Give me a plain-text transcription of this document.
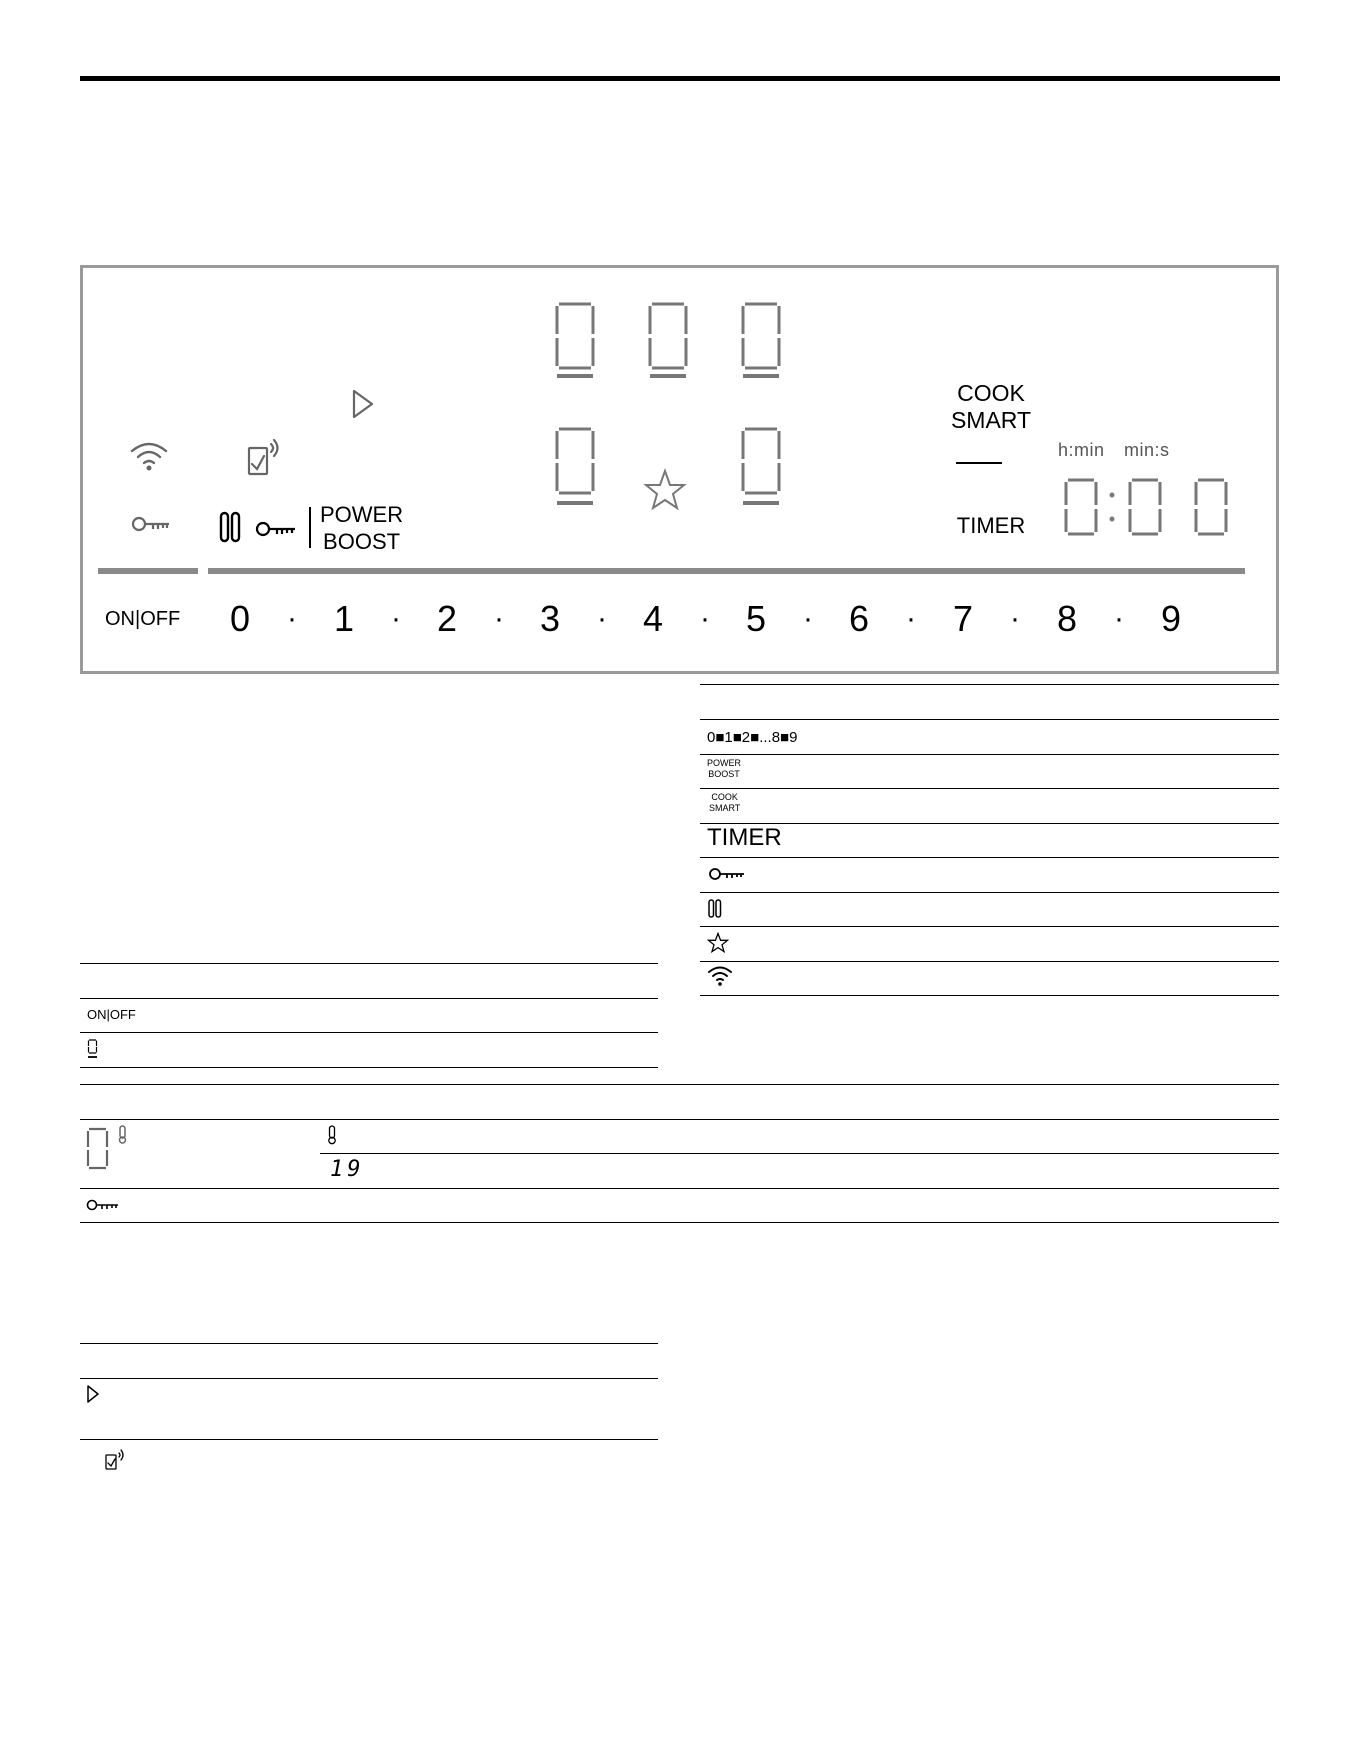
POWER
BOOST
COOK
SMART
TIMER
h:min min:s
ON|OFF 0 · 1 · 2 · 3 · 4 · 5 · 6 · 7 · 8 · 9
0■1■2■...8■9
POWER
BOOST
COOK
SMART
TIMER
ON|OFF
19
